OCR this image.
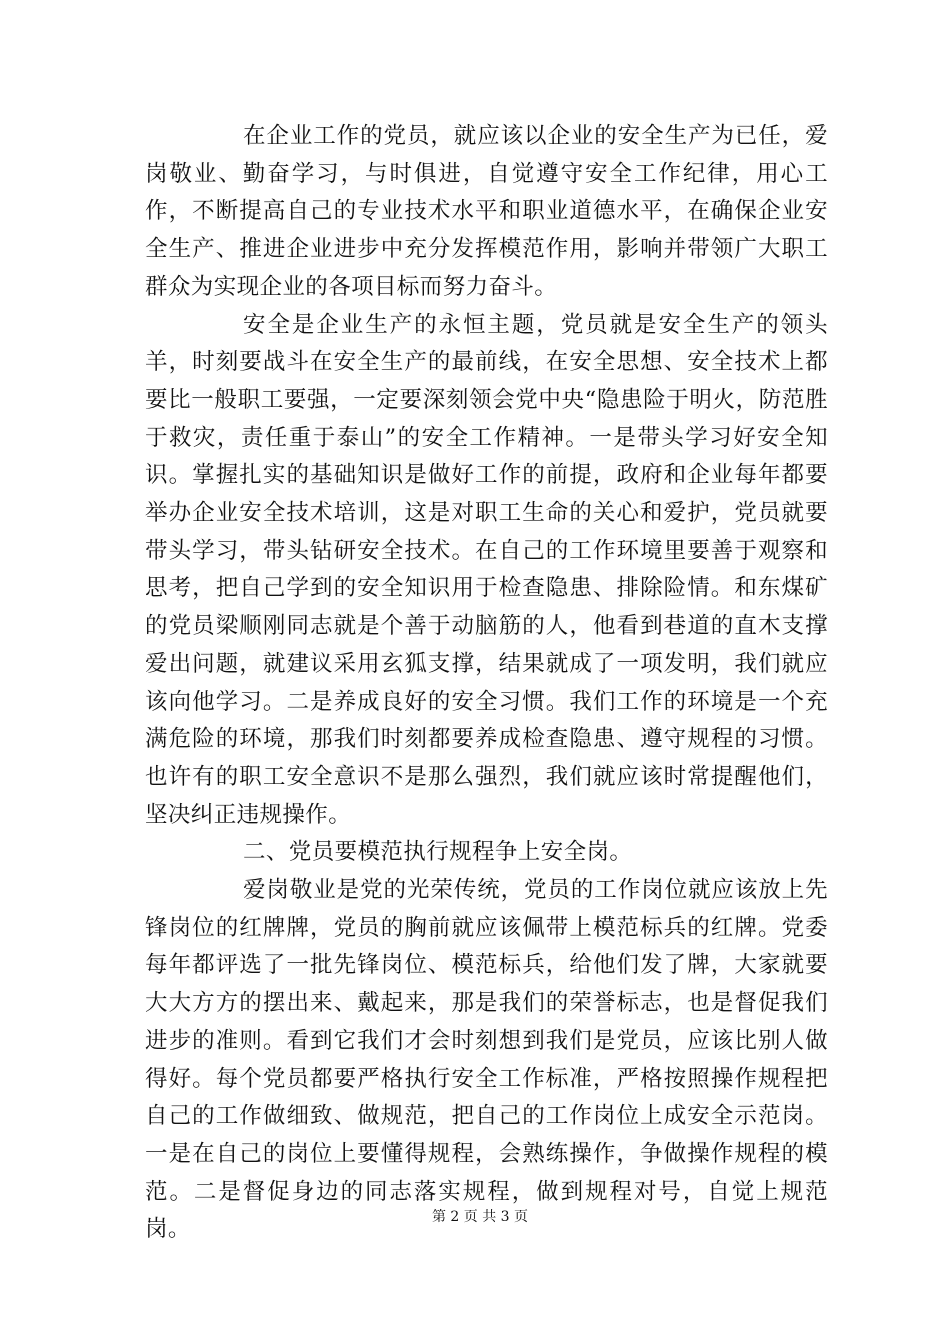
在企业工作的党员，就应该以企业的安全生产为已任，爱岗敬业、勤奋学习，与时俱进，自觉遵守安全工作纪律，用心工作，不断提高自己的专业技术水平和职业道德水平，在确保企业安全生产、推进企业进步中充分发挥模范作用，影响并带领广大职工群众为实现企业的各项目标而努力奋斗。

安全是企业生产的永恒主题，党员就是安全生产的领头羊，时刻要战斗在安全生产的最前线，在安全思想、安全技术上都要比一般职工要强，一定要深刻领会党中央“隐患险于明火，防范胜于救灾，责任重于泰山”的安全工作精神。一是带头学习好安全知识。掌握扎实的基础知识是做好工作的前提，政府和企业每年都要举办企业安全技术培训，这是对职工生命的关心和爱护，党员就要带头学习，带头钻研安全技术。在自己的工作环境里要善于观察和思考，把自己学到的安全知识用于检查隐患、排除险情。和东煤矿的党员梁顺刚同志就是个善于动脑筋的人，他看到巷道的直木支撑爱出问题，就建议采用玄狐支撑，结果就成了一项发明，我们就应该向他学习。二是养成良好的安全习惯。我们工作的环境是一个充满危险的环境，那我们时刻都要养成检查隐患、遵守规程的习惯。也许有的职工安全意识不是那么强烈，我们就应该时常提醒他们，坚决纠正违规操作。

二、党员要模范执行规程争上安全岗。

爱岗敬业是党的光荣传统，党员的工作岗位就应该放上先锋岗位的红牌牌，党员的胸前就应该佩带上模范标兵的红牌。党委每年都评选了一批先锋岗位、模范标兵，给他们发了牌，大家就要大大方方的摆出来、戴起来，那是我们的荣誉标志，也是督促我们进步的准则。看到它我们才会时刻想到我们是党员，应该比别人做得好。每个党员都要严格执行安全工作标准，严格按照操作规程把自己的工作做细致、做规范，把自己的工作岗位上成安全示范岗。一是在自己的岗位上要懂得规程，会熟练操作，争做操作规程的模范。二是督促身边的同志落实规程，做到规程对号，自觉上规范岗。	第 2 页 共 3 页
